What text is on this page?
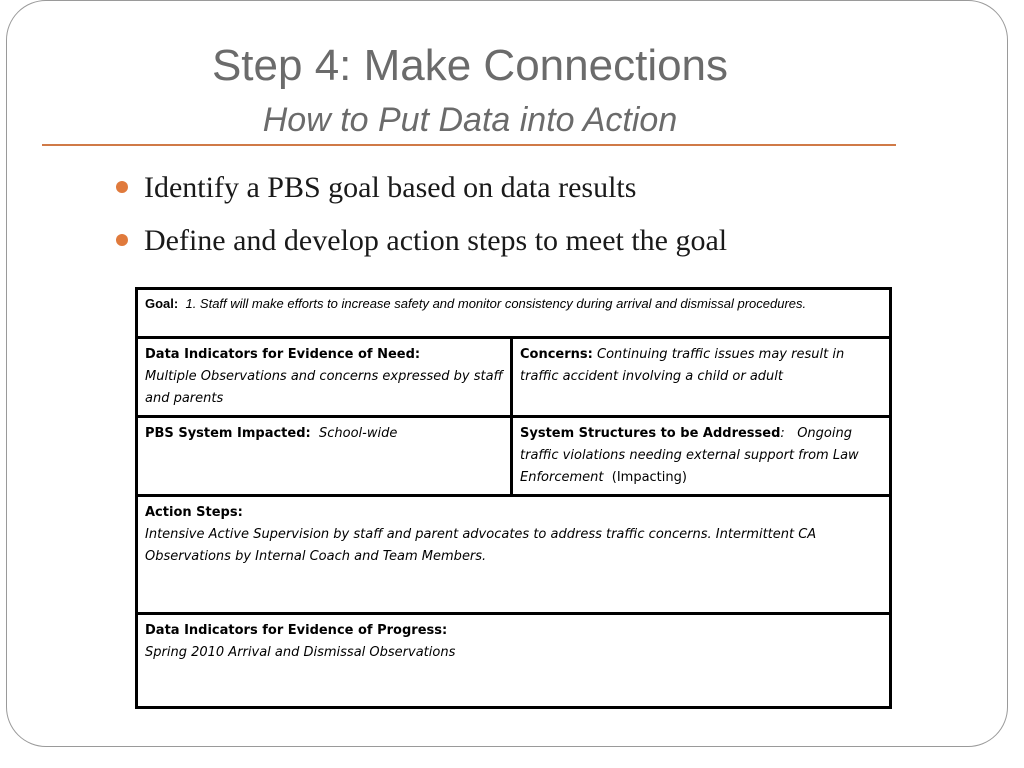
Step 4: Make Connections
How to Put Data into Action
Identify a PBS goal based on data results
Define and develop action steps to meet the goal
Goal: 1. Staff will make efforts to increase safety and monitor consistency during arrival and dismissal procedures.	
Data Indicators for Evidence of Need:
Multiple Observations and concerns expressed by staff and parents	Concerns: Continuing traffic issues may result in traffic accident involving a child or adult
PBS System Impacted: School-wide	System Structures to be Addressed: Ongoing traffic violations needing external support from Law Enforcement (Impacting)
Action Steps:
Intensive Active Supervision by staff and parent advocates to address traffic concerns. Intermittent CA Observations by Internal Coach and Team Members.	
Data Indicators for Evidence of Progress:
Spring 2010 Arrival and Dismissal Observations	
